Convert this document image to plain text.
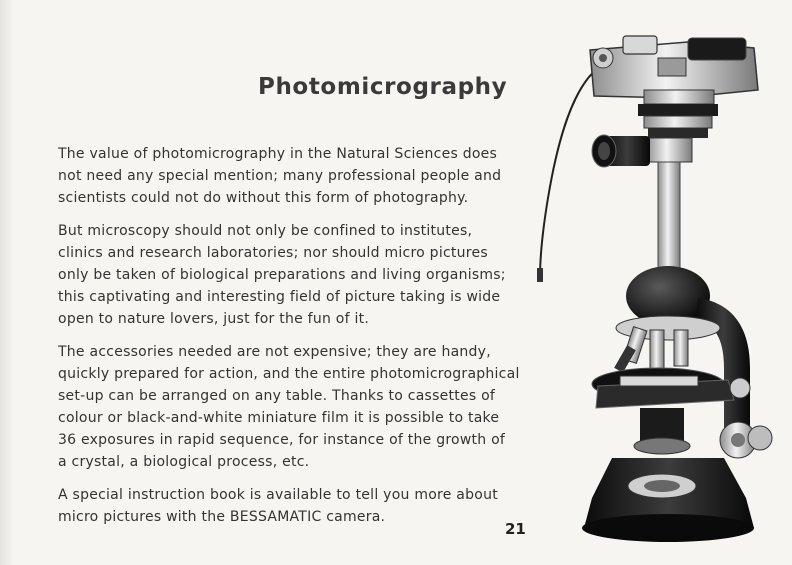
Photomicrography

The value of photomicrography in the Natural Sciences does
not need any special mention; many professional people and
scientists could not do without this form of photography.

But microscopy should not only be confined to institutes,
clinics and research laboratories; nor should micro pictures
only be taken of biological preparations and living organisms;
this captivating and interesting field of picture taking is wide
open to nature lovers, just for the fun of it.

The accessories needed are not expensive; they are handy,
quickly prepared for action, and the entire photomicrographical
set-up can be arranged on any table. Thanks to cassettes of
colour or black-and-white miniature film it is possible to take
36 exposures in rapid sequence, for instance of the growth of
a crystal, a biological process, etc.

A special instruction book is available to tell you more about
micro pictures with the BESSAMATIC camera.

21
